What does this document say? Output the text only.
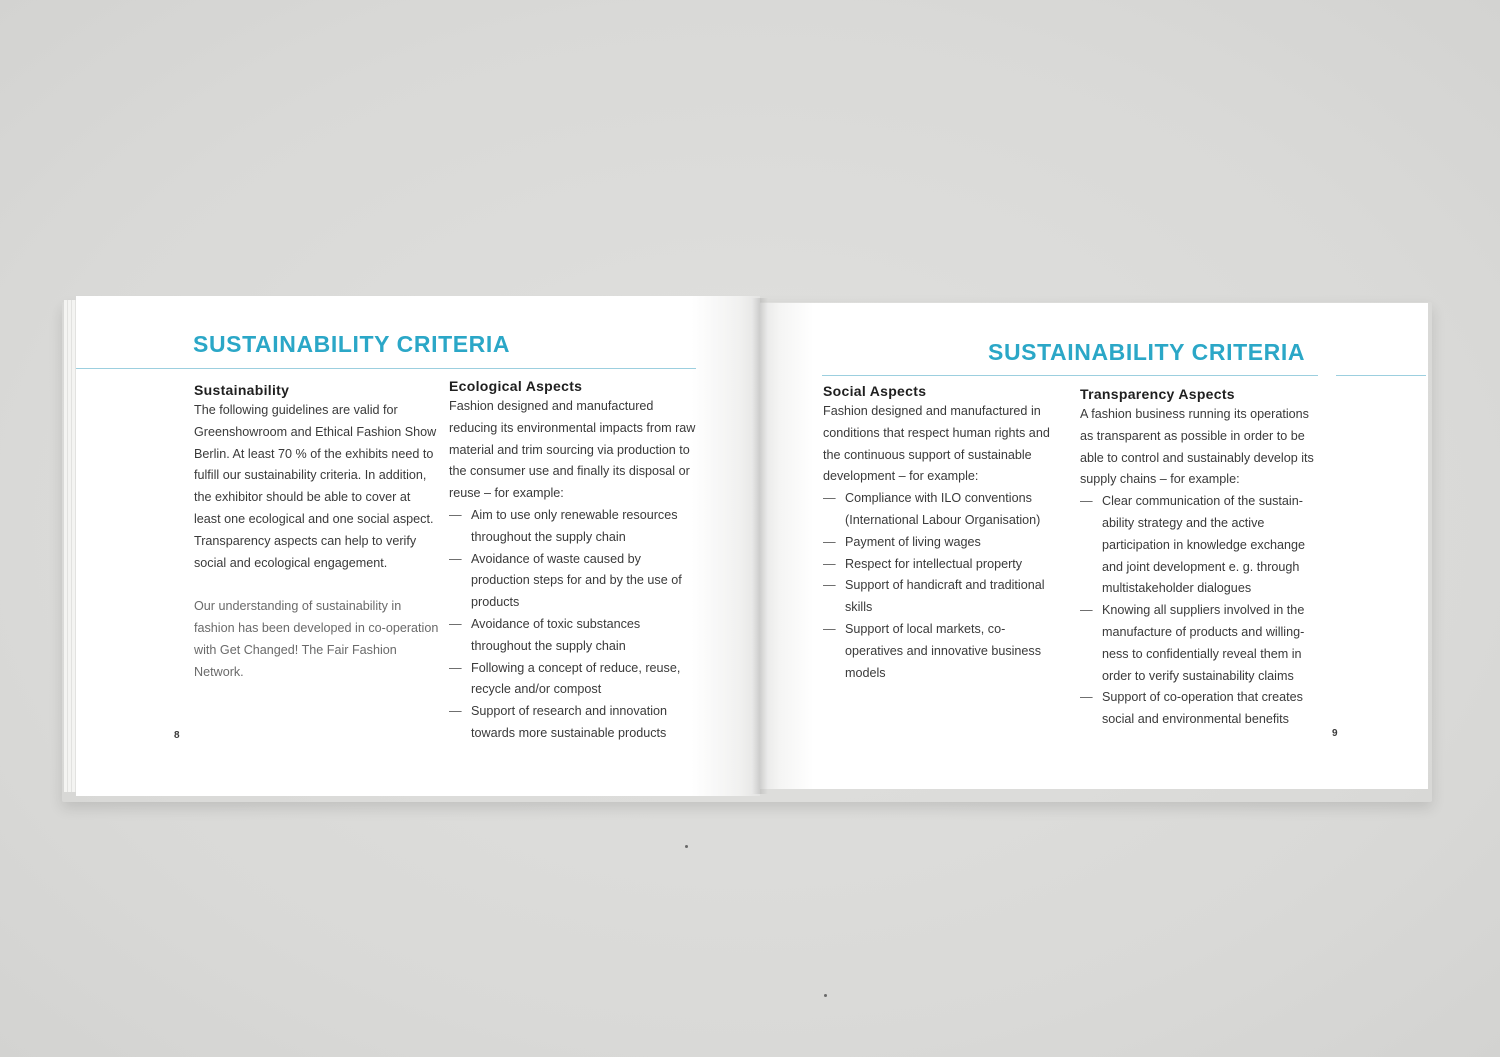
SUSTAINABILITY CRITERIA
Sustainability

The following guidelines are valid for Greenshowroom and Ethical Fashion Show Berlin. At least 70 % of the exhibits need to fulfill our sustainability criteria. In addition, the exhibitor should be able to cover at least one ecological and one social aspect. Transparency aspects can help to verify social and ecological engagement.

Our understanding of sustainability in fashion has been developed in co-operation with Get Changed! The Fair Fashion Network.

Ecological Aspects

Fashion designed and manufactured reducing its environmental impacts from raw material and trim sourcing via production to the consumer use and finally its disposal or reuse – for example:

— Aim to use only renewable resources throughout the supply chain
— Avoidance of waste caused by production steps for and by the use of products
— Avoidance of toxic substances throughout the supply chain
— Following a concept of reduce, reuse, recycle and/or compost
— Support of research and innovation towards more sustainable products
8
SUSTAINABILITY CRITERIA
Social Aspects

Fashion designed and manufactured in conditions that respect human rights and the continuous support of sustainable development – for example:

— Compliance with ILO conventions (International Labour Organisation)
— Payment of living wages
— Respect for intellectual property
— Support of handicraft and traditional skills
— Support of local markets, co-operatives and innovative business models
Transparency Aspects

A fashion business running its operations as transparent as possible in order to be able to control and sustainably develop its supply chains – for example:

— Clear communication of the sustain-ability strategy and the active participation in knowledge exchange and joint development e. g. through multistakeholder dialogues
— Knowing all suppliers involved in the manufacture of products and willing-ness to confidentially reveal them in order to verify sustainability claims
— Support of co-operation that creates social and environmental benefits
9
